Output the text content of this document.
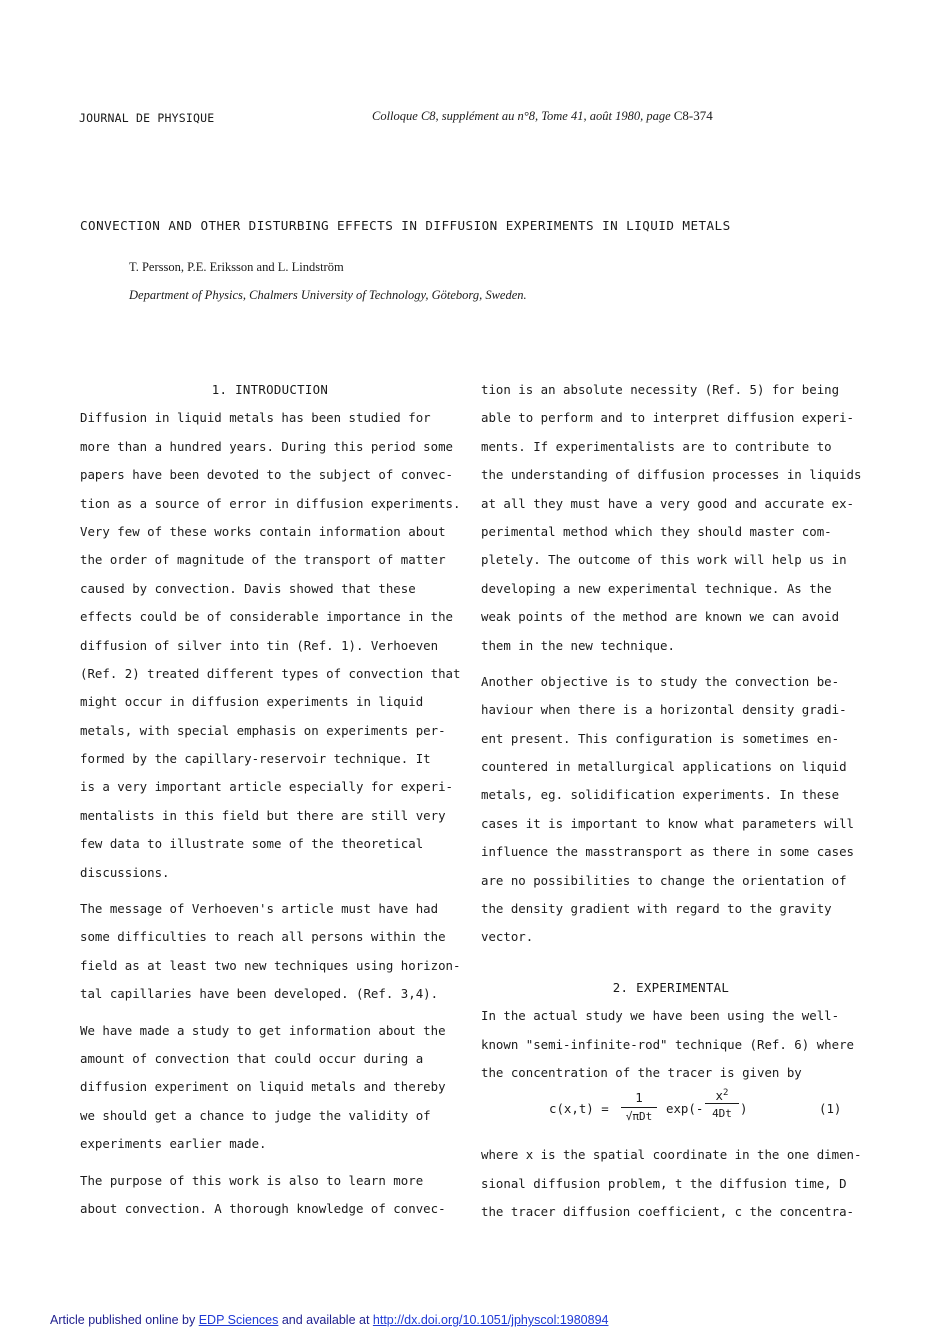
JOURNAL DE PHYSIQUE	Colloque C8, supplément au n°8, Tome 41, août 1980, page C8-374
CONVECTION AND OTHER DISTURBING EFFECTS IN DIFFUSION EXPERIMENTS IN LIQUID METALS
T. Persson, P.E. Eriksson and L. Lindström
Department of Physics, Chalmers University of Technology, Göteborg, Sweden.
1. INTRODUCTION

Diffusion in liquid metals has been studied for
more than a hundred years. During this period some
papers have been devoted to the subject of convec-
tion as a source of error in diffusion experiments.
Very few of these works contain information about
the order of magnitude of the transport of matter
caused by convection. Davis showed that these
effects could be of considerable importance in the
diffusion of silver into tin (Ref. 1). Verhoeven
(Ref. 2) treated different types of convection that
might occur in diffusion experiments in liquid
metals, with special emphasis on experiments per-
formed by the capillary-reservoir technique. It
is a very important article especially for experi-
mentalists in this field but there are still very
few data to illustrate some of the theoretical
discussions.

The message of Verhoeven's article must have had
some difficulties to reach all persons within the
field as at least two new techniques using horizon-
tal capillaries have been developed. (Ref. 3,4).

We have made a study to get information about the
amount of convection that could occur during a
diffusion experiment on liquid metals and thereby
we should get a chance to judge the validity of
experiments earlier made.

The purpose of this work is also to learn more
about convection. A thorough knowledge of convec-

tion is an absolute necessity (Ref. 5) for being
able to perform and to interpret diffusion experi-
ments. If experimentalists are to contribute to
the understanding of diffusion processes in liquids
at all they must have a very good and accurate ex-
perimental method which they should master com-
pletely. The outcome of this work will help us in
developing a new experimental technique. As the
weak points of the method are known we can avoid
them in the new technique.

Another objective is to study the convection be-
haviour when there is a horizontal density gradi-
ent present. This configuration is sometimes en-
countered in metallurgical applications on liquid
metals, eg. solidification experiments. In these
cases it is important to know what parameters will
influence the masstransport as there in some cases
are no possibilities to change the orientation of
the density gradient with regard to the gravity
vector.

2. EXPERIMENTAL

In the actual study we have been using the well-
known "semi-infinite-rod" technique (Ref. 6) where
the concentration of the tracer is given by

c(x,t) =
1
√πDt
exp(-
$x^2$
4Dt )	(1)

where x is the spatial coordinate in the one dimen-
sional diffusion problem, t the diffusion time, D
the tracer diffusion coefficient, c the concentra-

Article published online by EDP Sciences and available at http://dx.doi.org/10.1051/jphyscol:1980894
